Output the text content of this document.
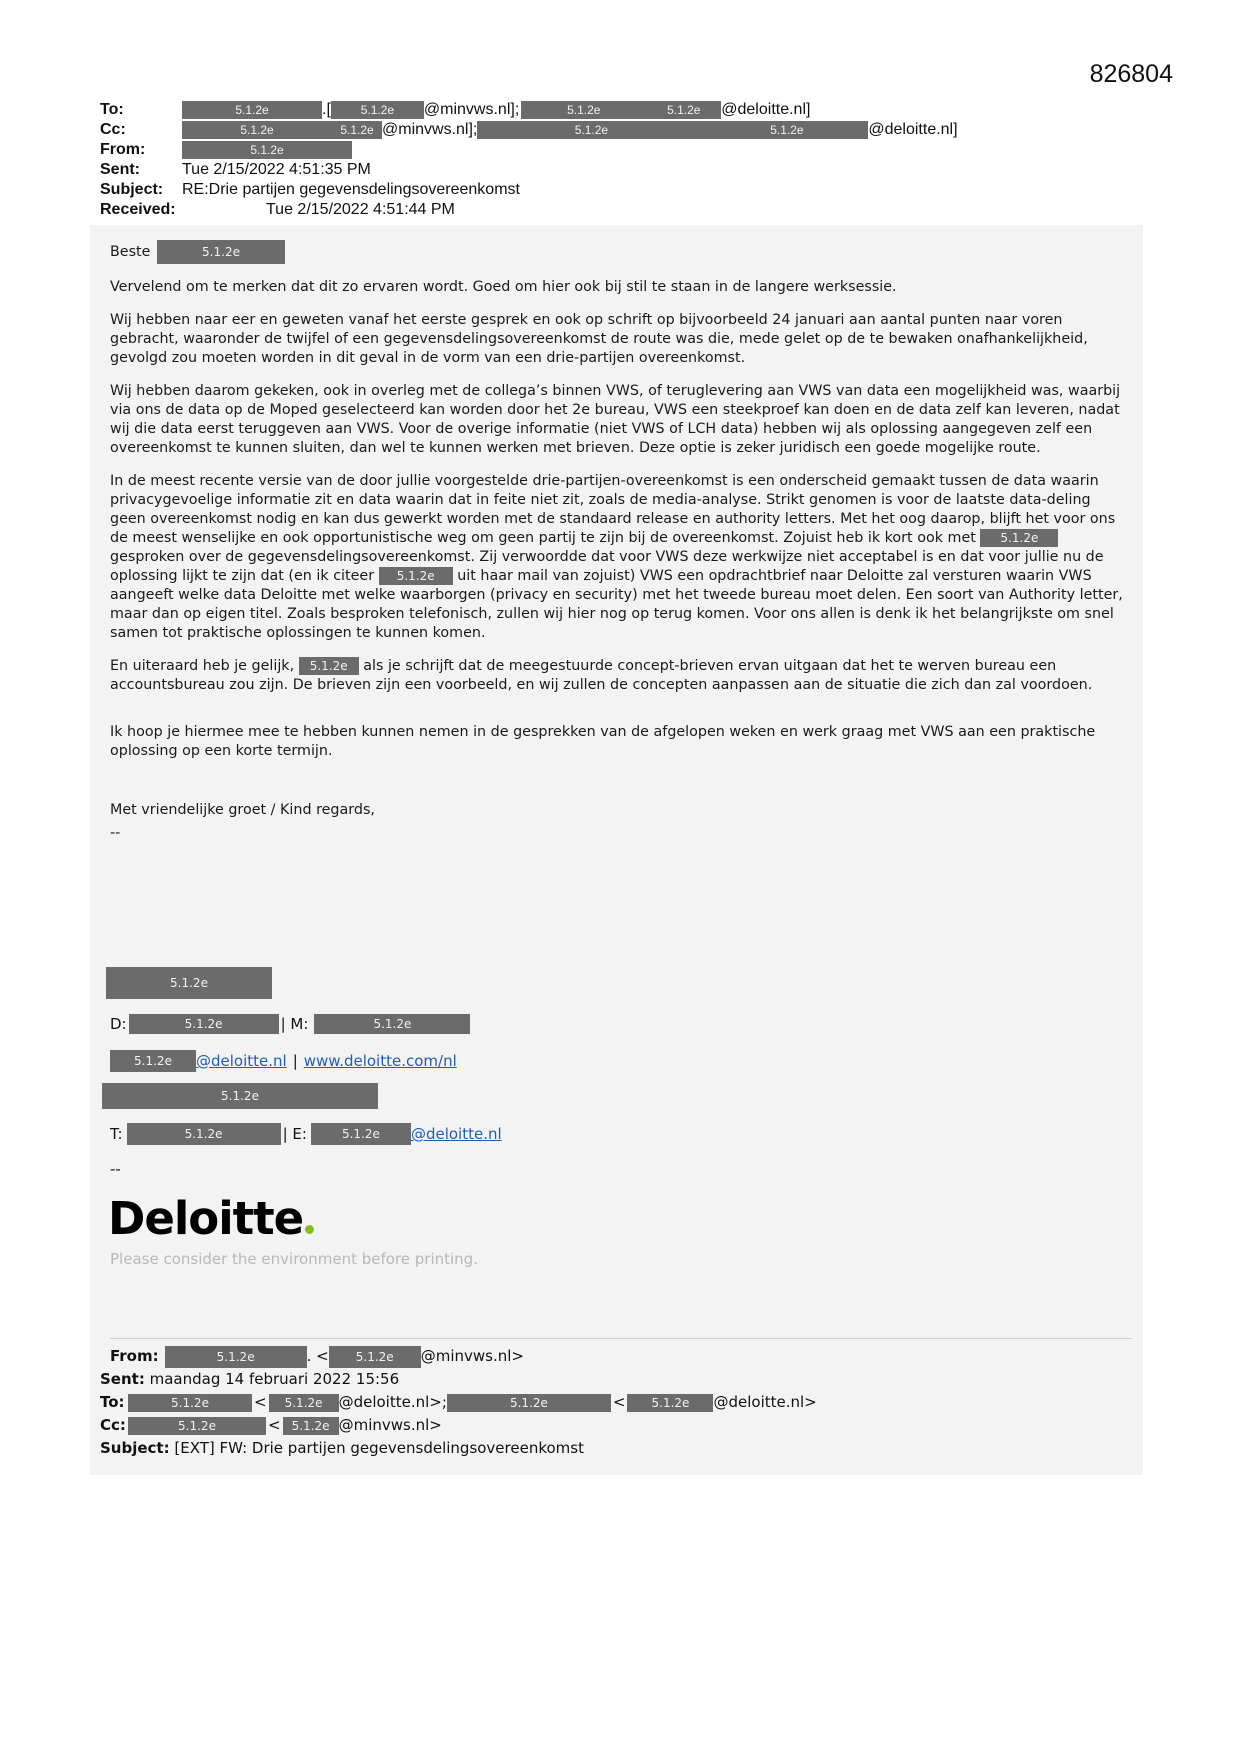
826804
To:	5.1.2e	.[	5.1.2e	@minvws.nl];	5.1.2e	5.1.2e	@deloitte.nl]
Cc:	5.1.2e	5.1.2e @minvws.nl];	5.1.2e	5.1.2e	@deloitte.nl]
From:	5.1.2e
Sent:	Tue 2/15/2022 4:51:35 PM
Subject:	RE:Drie partijen gegevensdelingsovereenkomst
Received:	Tue 2/15/2022 4:51:44 PM

Beste	5.1.2e

Vervelend om te merken dat dit zo ervaren wordt. Goed om hier ook bij stil te staan in de langere werksessie.

Wij hebben naar eer en geweten vanaf het eerste gesprek en ook op schrift op bijvoorbeeld 24 januari aan aantal punten naar voren gebracht, waaronder de twijfel of een gegevensdelingsovereenkomst de route was die, mede gelet op de te bewaken onafhankelijkheid, gevolgd zou moeten worden in dit geval in de vorm van een drie-partijen overeenkomst.

Wij hebben daarom gekeken, ook in overleg met de collega’s binnen VWS, of teruglevering aan VWS van data een mogelijkheid was, waarbij via ons de data op de Moped geselecteerd kan worden door het 2e bureau, VWS een steekproef kan doen en de data zelf kan leveren, nadat wij die data eerst teruggeven aan VWS. Voor de overige informatie (niet VWS of LCH data) hebben wij als oplossing aangegeven zelf een overeenkomst te kunnen sluiten, dan wel te kunnen werken met brieven. Deze optie is zeker juridisch een goede mogelijke route.

In de meest recente versie van de door jullie voorgestelde drie-partijen-overeenkomst is een onderscheid gemaakt tussen de data waarin privacygevoelige informatie zit en data waarin dat in feite niet zit, zoals de media-analyse. Strikt genomen is voor de laatste data-deling geen overeenkomst nodig en kan dus gewerkt worden met de standaard release en authority letters. Met het oog daarop, blijft het voor ons de meest wenselijke en ook opportunistische weg om geen partij te zijn bij de overeenkomst. Zojuist heb ik kort ook met 5.1.2e gesproken over de gegevensdelingsovereenkomst. Zij verwoordde dat voor VWS deze werkwijze niet acceptabel is en dat voor jullie nu de oplossing lijkt te zijn dat (en ik citeer 5.1.2e uit haar mail van zojuist) VWS een opdrachtbrief naar Deloitte zal versturen waarin VWS aangeeft welke data Deloitte met welke waarborgen (privacy en security) met het tweede bureau moet delen. Een soort van Authority letter, maar dan op eigen titel. Zoals besproken telefonisch, zullen wij hier nog op terug komen. Voor ons allen is denk ik het belangrijkste om snel samen tot praktische oplossingen te kunnen komen.

En uiteraard heb je gelijk, 5.1.2e als je schrijft dat de meegestuurde concept-brieven ervan uitgaan dat het te werven bureau een accountsbureau zou zijn. De brieven zijn een voorbeeld, en wij zullen de concepten aanpassen aan de situatie die zich dan zal voordoen.

Ik hoop je hiermee mee te hebben kunnen nemen in de gesprekken van de afgelopen weken en werk graag met VWS aan een praktische oplossing op een korte termijn.

Met vriendelijke groet / Kind regards,

--

5.1.2e
D:	5.1.2e	| M:	5.1.2e
5.1.2e	@deloitte.nl | www.deloitte.com/nl
5.1.2e
T:	5.1.2e	| E:	5.1.2e	@deloitte.nl
--
Deloitte
Please consider the environment before printing.
From:	5.1.2e	. <	5.1.2e	@minvws.nl>
Sent: maandag 14 februari 2022 15:56
To:	5.1.2e	<	5.1.2e	@deloitte.nl>;	5.1.2e	<	5.1.2e	@deloitte.nl>
Cc:	5.1.2e	< 5.1.2e @minvws.nl>
Subject: [EXT] FW: Drie partijen gegevensdelingsovereenkomst
